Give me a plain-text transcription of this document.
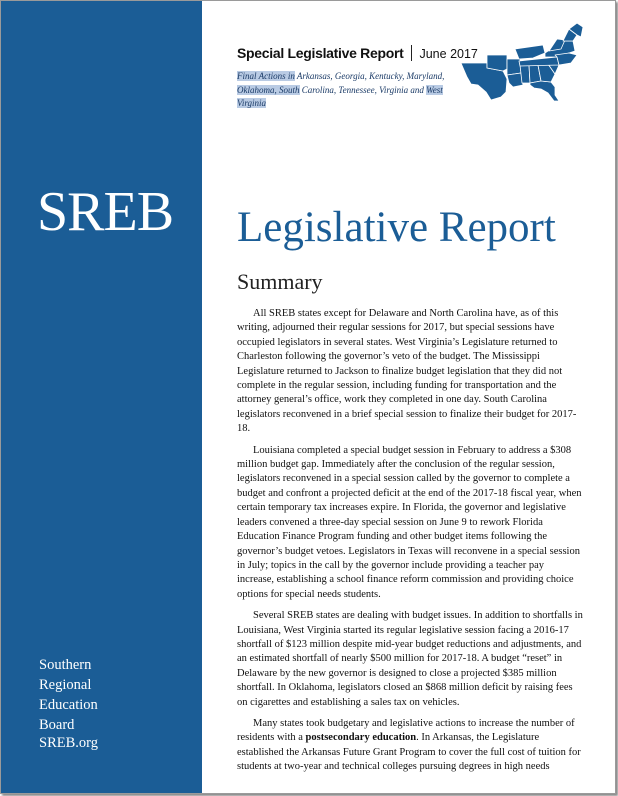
SREB
Southern
Regional
Education
Board
SREB.org
Special Legislative Report June 2017
Final Actions in Arkansas, Georgia, Kentucky, Maryland, Oklahoma, South Carolina, Tennessee, Virginia and West Virginia
Legislative Report
Summary

All SREB states except for Delaware and North Carolina have, as of this writing, adjourned their regular sessions for 2017, but special sessions have occupied legislators in several states. West Virginia’s Legislature returned to Charleston following the governor’s veto of the budget. The Mississippi Legislature returned to Jackson to finalize budget legislation that they did not complete in the regular session, including funding for transportation and the attorney general’s office, work they completed in one day. South Carolina legislators reconvened in a brief special session to finalize their budget for 2017-18.

Louisiana completed a special budget session in February to address a $308 million budget gap. Immediately after the conclusion of the regular session, legislators reconvened in a special session called by the governor to complete a budget and confront a projected deficit at the end of the 2017-18 fiscal year, when certain temporary tax increases expire. In Florida, the governor and legislative leaders convened a three-day special session on June 9 to rework Florida Education Finance Program funding and other budget items following the governor’s budget vetoes. Legislators in Texas will reconvene in a special session in July; topics in the call by the governor include providing a teacher pay increase, establishing a school finance reform commission and providing choice options for special needs students.

Several SREB states are dealing with budget issues. In addition to shortfalls in Louisiana, West Virginia started its regular legislative session facing a 2016-17 shortfall of $123 million despite mid-year budget reductions and adjustments, and an estimated shortfall of nearly $500 million for 2017-18. A budget “reset” in Delaware by the new governor is designed to close a projected $385 million shortfall. In Oklahoma, legislators closed an $868 million deficit by raising fees on cigarettes and establishing a sales tax on vehicles.

Many states took budgetary and legislative actions to increase the number of residents with a postsecondary education. In Arkansas, the Legislature established the Arkansas Future Grant Program to cover the full cost of tuition for students at two-year and technical colleges pursuing degrees in high needs
